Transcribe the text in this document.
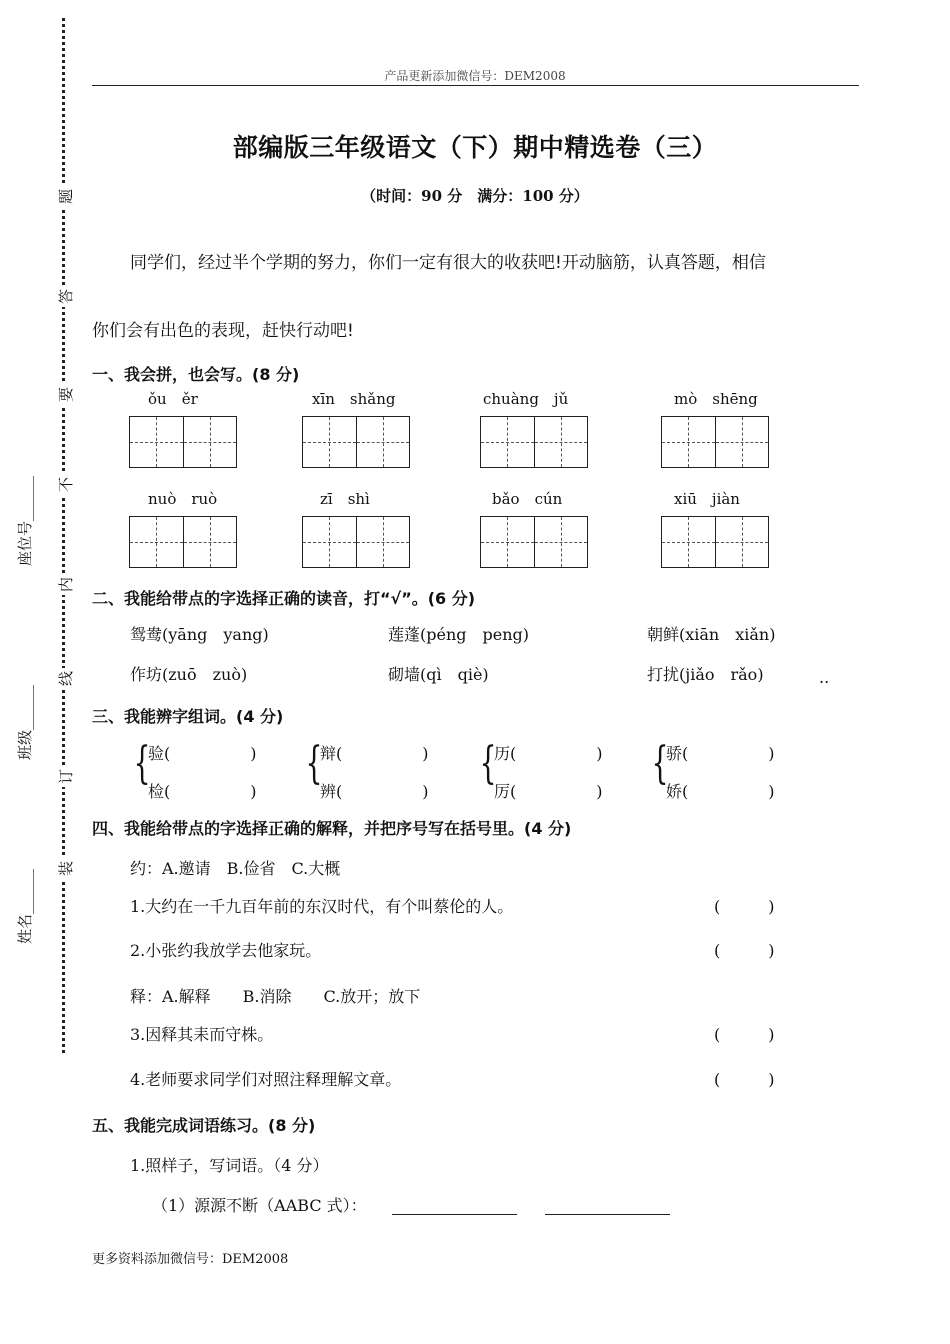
题
答
要
不
内
线
订
装
座位号______
班级______
姓名______
产品更新添加微信号：DEM2008
部编版三年级语文（下）期中精选卷（三）
（时间：90 分　满分：100 分）
同学们，经过半个学期的努力，你们一定有很大的收获吧!开动脑筋，认真答题，相信
你们会有出色的表现，赶快行动吧!
一、我会拼，也会写。(8 分)
ǒu　ěr	xīn　shǎng	chuàng　jǔ	mò　shēng
nuò　ruò	zī　shì	bǎo　cún	xiū　jiàn
二、我能给带点的字选择正确的读音，打“√”。(6 分)
鸳鸯(yāng　yang)	莲蓬(péng　peng)	朝鲜(xiān　xiǎn)
作坊(zuō　zuò)	砌墙(qì　qiè)	打扰(jiǎo　rǎo)	..
三、我能辨字组词。(4 分)
{
验(　　　　　)
检(　　　　　)
{
辩(　　　　　)
辨(　　　　　)
{
历(　　　　　)
厉(　　　　　)
{
骄(　　　　　)
娇(　　　　　)
四、我能给带点的字选择正确的解释，并把序号写在括号里。(4 分)
约：A.邀请　B.俭省　C.大概
1.大约在一千九百年前的东汉时代，有个叫蔡伦的人。	(　　　)
2.小张约我放学去他家玩。	(　　　)
释：A.解释　　B.消除　　C.放开；放下
3.因释其耒而守株。	(　　　)
4.老师要求同学们对照注释理解文章。	(　　　)
五、我能完成词语练习。(8 分)
1.照样子，写词语。（4 分）
（1）源源不断（AABC 式）：
更多资料添加微信号：DEM2008
